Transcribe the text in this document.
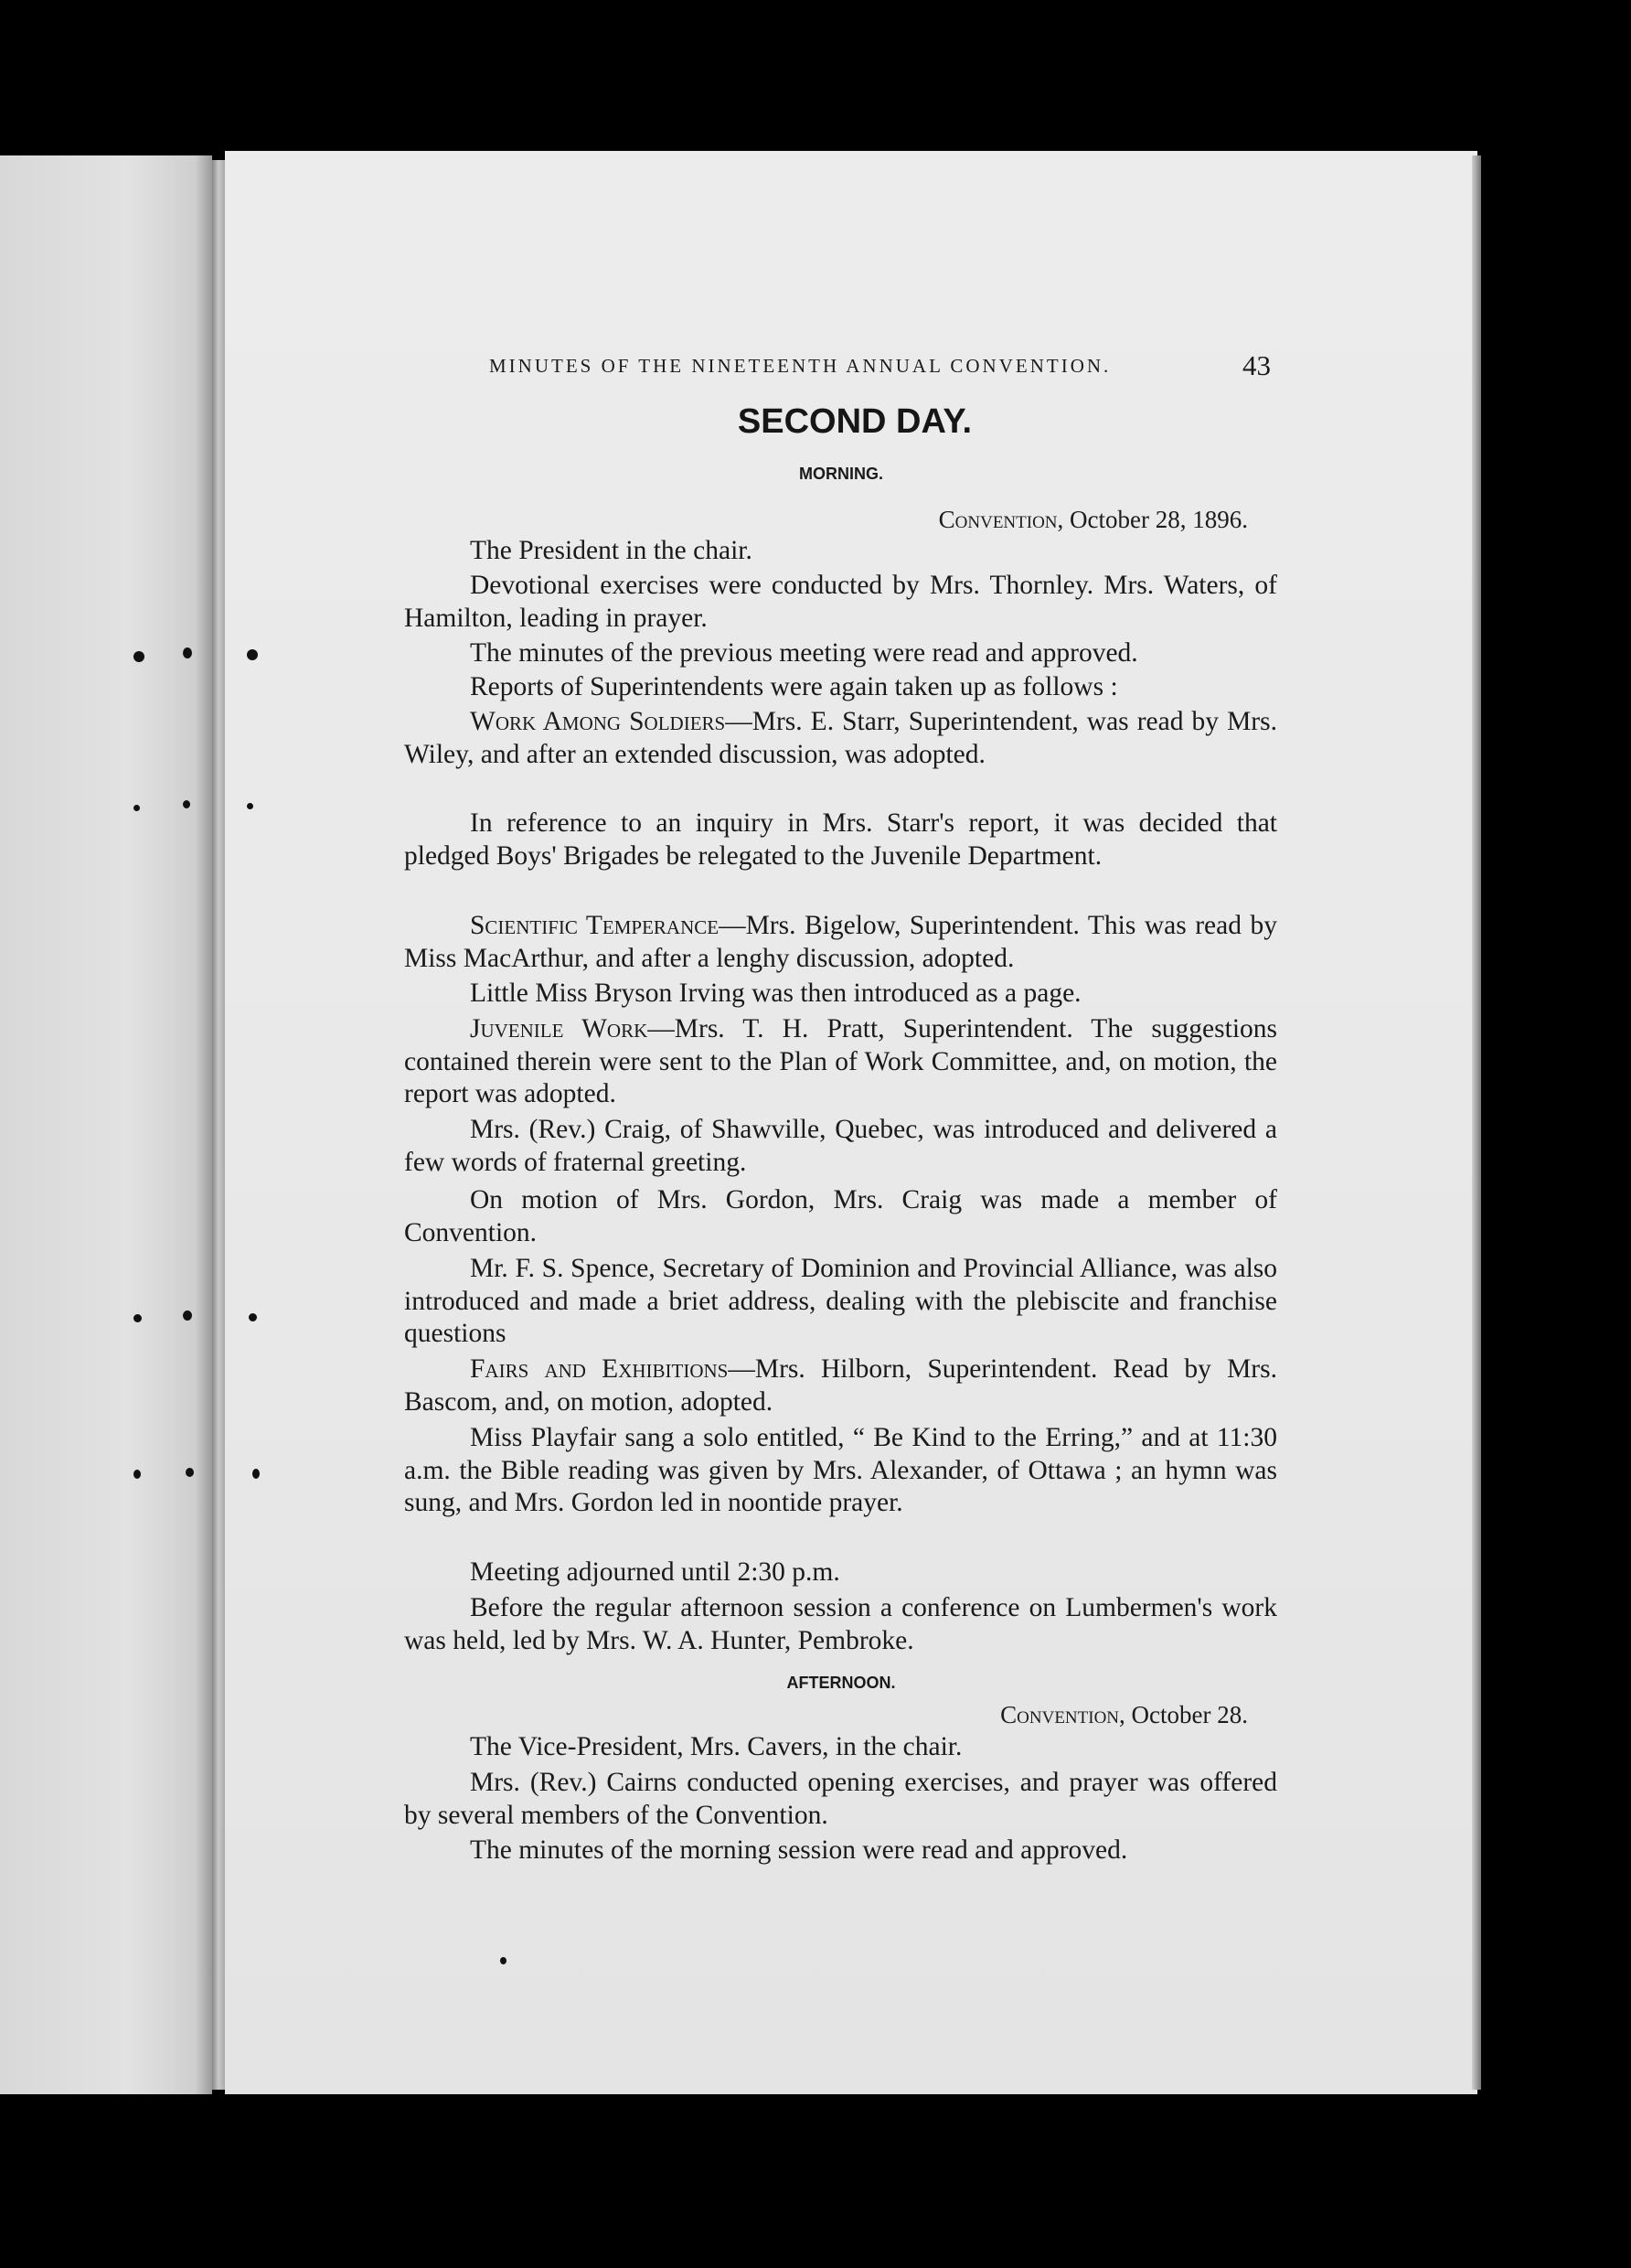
MINUTES OF THE NINETEENTH ANNUAL CONVENTION.	43
SECOND DAY.
MORNING.
Convention, October 28, 1896.

The President in the chair.

Devotional exercises were conducted by Mrs. Thornley. Mrs. Waters, of Hamilton, leading in prayer.

The minutes of the previous meeting were read and approved.

Reports of Superintendents were again taken up as follows :

Work Among Soldiers—Mrs. E. Starr, Superintendent, was read by Mrs. Wiley, and after an extended discussion, was adopted.

In reference to an inquiry in Mrs. Starr's report, it was decided that pledged Boys' Brigades be relegated to the Juvenile Department.

Scientific Temperance—Mrs. Bigelow, Superintendent. This was read by Miss MacArthur, and after a lenghy discussion, adopted.

Little Miss Bryson Irving was then introduced as a page.

Juvenile Work—Mrs. T. H. Pratt, Superintendent. The suggestions contained therein were sent to the Plan of Work Committee, and, on motion, the report was adopted.

Mrs. (Rev.) Craig, of Shawville, Quebec, was introduced and delivered a few words of fraternal greeting.

On motion of Mrs. Gordon, Mrs. Craig was made a member of Convention.

Mr. F. S. Spence, Secretary of Dominion and Provincial Alliance, was also introduced and made a briet address, dealing with the plebiscite and franchise questions

Fairs and Exhibitions—Mrs. Hilborn, Superintendent. Read by Mrs. Bascom, and, on motion, adopted.

Miss Playfair sang a solo entitled, “ Be Kind to the Erring,” and at 11:30 a.m. the Bible reading was given by Mrs. Alexander, of Ottawa ; an hymn was sung, and Mrs. Gordon led in noontide prayer.

Meeting adjourned until 2:30 p.m.

Before the regular afternoon session a conference on Lumbermen's work was held, led by Mrs. W. A. Hunter, Pembroke.

AFTERNOON.
Convention, October 28.

The Vice-President, Mrs. Cavers, in the chair.

Mrs. (Rev.) Cairns conducted opening exercises, and prayer was offered by several members of the Convention.

The minutes of the morning session were read and approved.
